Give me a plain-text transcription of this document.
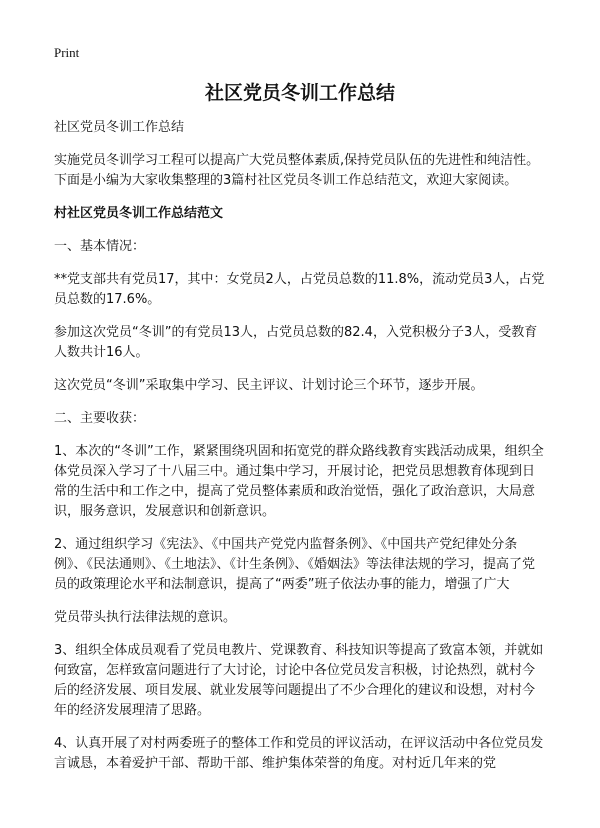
Print
社区党员冬训工作总结

社区党员冬训工作总结

实施党员冬训学习工程可以提高广大党员整体素质,保持党员队伍的先进性和纯洁性。下面是小编为大家收集整理的3篇村社区党员冬训工作总结范文，欢迎大家阅读。

村社区党员冬训工作总结范文

一、基本情况：

**党支部共有党员17，其中：女党员2人，占党员总数的11.8%，流动党员3人，占党员总数的17.6%。

参加这次党员“冬训”的有党员13人，占党员总数的82.4，入党积极分子3人，受教育人数共计16人。

这次党员“冬训”采取集中学习、民主评议、计划讨论三个环节，逐步开展。

二、主要收获：

1、本次的“冬训”工作，紧紧围绕巩固和拓宽党的群众路线教育实践活动成果，组织全体党员深入学习了十八届三中。通过集中学习，开展讨论，把党员思想教育体现到日常的生活中和工作之中，提高了党员整体素质和政治觉悟，强化了政治意识，大局意识，服务意识，发展意识和创新意识。

2、通过组织学习《宪法》、《中国共产党党内监督条例》、《中国共产党纪律处分条例》、《民法通则》、《土地法》、《计生条例》、《婚姻法》等法律法规的学习，提高了党员的政策理论水平和法制意识，提高了“两委”班子依法办事的能力，增强了广大

党员带头执行法律法规的意识。

3、组织全体成员观看了党员电教片、党课教育、科技知识等提高了致富本领，并就如何致富，怎样致富问题进行了大讨论，讨论中各位党员发言积极，讨论热烈，就村今后的经济发展、项目发展、就业发展等问题提出了不少合理化的建议和设想，对村今年的经济发展理清了思路。

4、认真开展了对村两委班子的整体工作和党员的评议活动，在评议活动中各位党员发言诚恳，本着爱护干部、帮助干部、维护集体荣誉的角度。对村近几年来的党
